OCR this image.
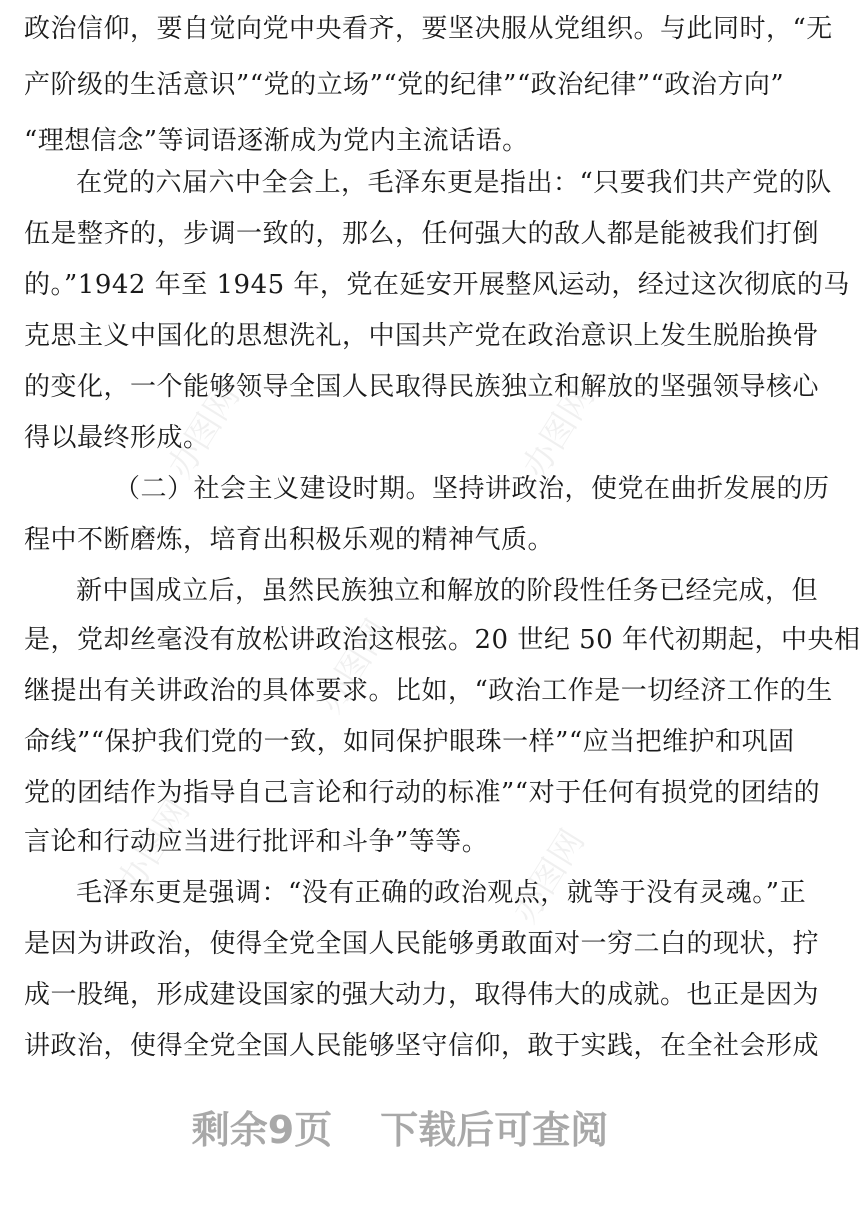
办图网	办图网
办图网
办图网
办图网
政治信仰，要自觉向党中央看齐，要坚决服从党组织。与此同时，“无
产阶级的生活意识”“党的立场”“党的纪律”“政治纪律”“政治方向”
“理想信念”等词语逐渐成为党内主流话语。
在党的六届六中全会上，毛泽东更是指出：“只要我们共产党的队
伍是整齐的，步调一致的，那么，任何强大的敌人都是能被我们打倒
的。”1942 年至 1945 年，党在延安开展整风运动，经过这次彻底的马
克思主义中国化的思想洗礼，中国共产党在政治意识上发生脱胎换骨
的变化，一个能够领导全国人民取得民族独立和解放的坚强领导核心
得以最终形成。
（二）社会主义建设时期。坚持讲政治，使党在曲折发展的历
程中不断磨炼，培育出积极乐观的精神气质。
新中国成立后，虽然民族独立和解放的阶段性任务已经完成，但
是，党却丝毫没有放松讲政治这根弦。20 世纪 50 年代初期起，中央相
继提出有关讲政治的具体要求。比如，“政治工作是一切经济工作的生
命线”“保护我们党的一致，如同保护眼珠一样”“应当把维护和巩固
党的团结作为指导自己言论和行动的标准”“对于任何有损党的团结的
言论和行动应当进行批评和斗争”等等。
毛泽东更是强调：“没有正确的政治观点，就等于没有灵魂。”正
是因为讲政治，使得全党全国人民能够勇敢面对一穷二白的现状，拧
成一股绳，形成建设国家的强大动力，取得伟大的成就。也正是因为
讲政治，使得全党全国人民能够坚守信仰，敢于实践，在全社会形成
剩余9页 下载后可查阅
